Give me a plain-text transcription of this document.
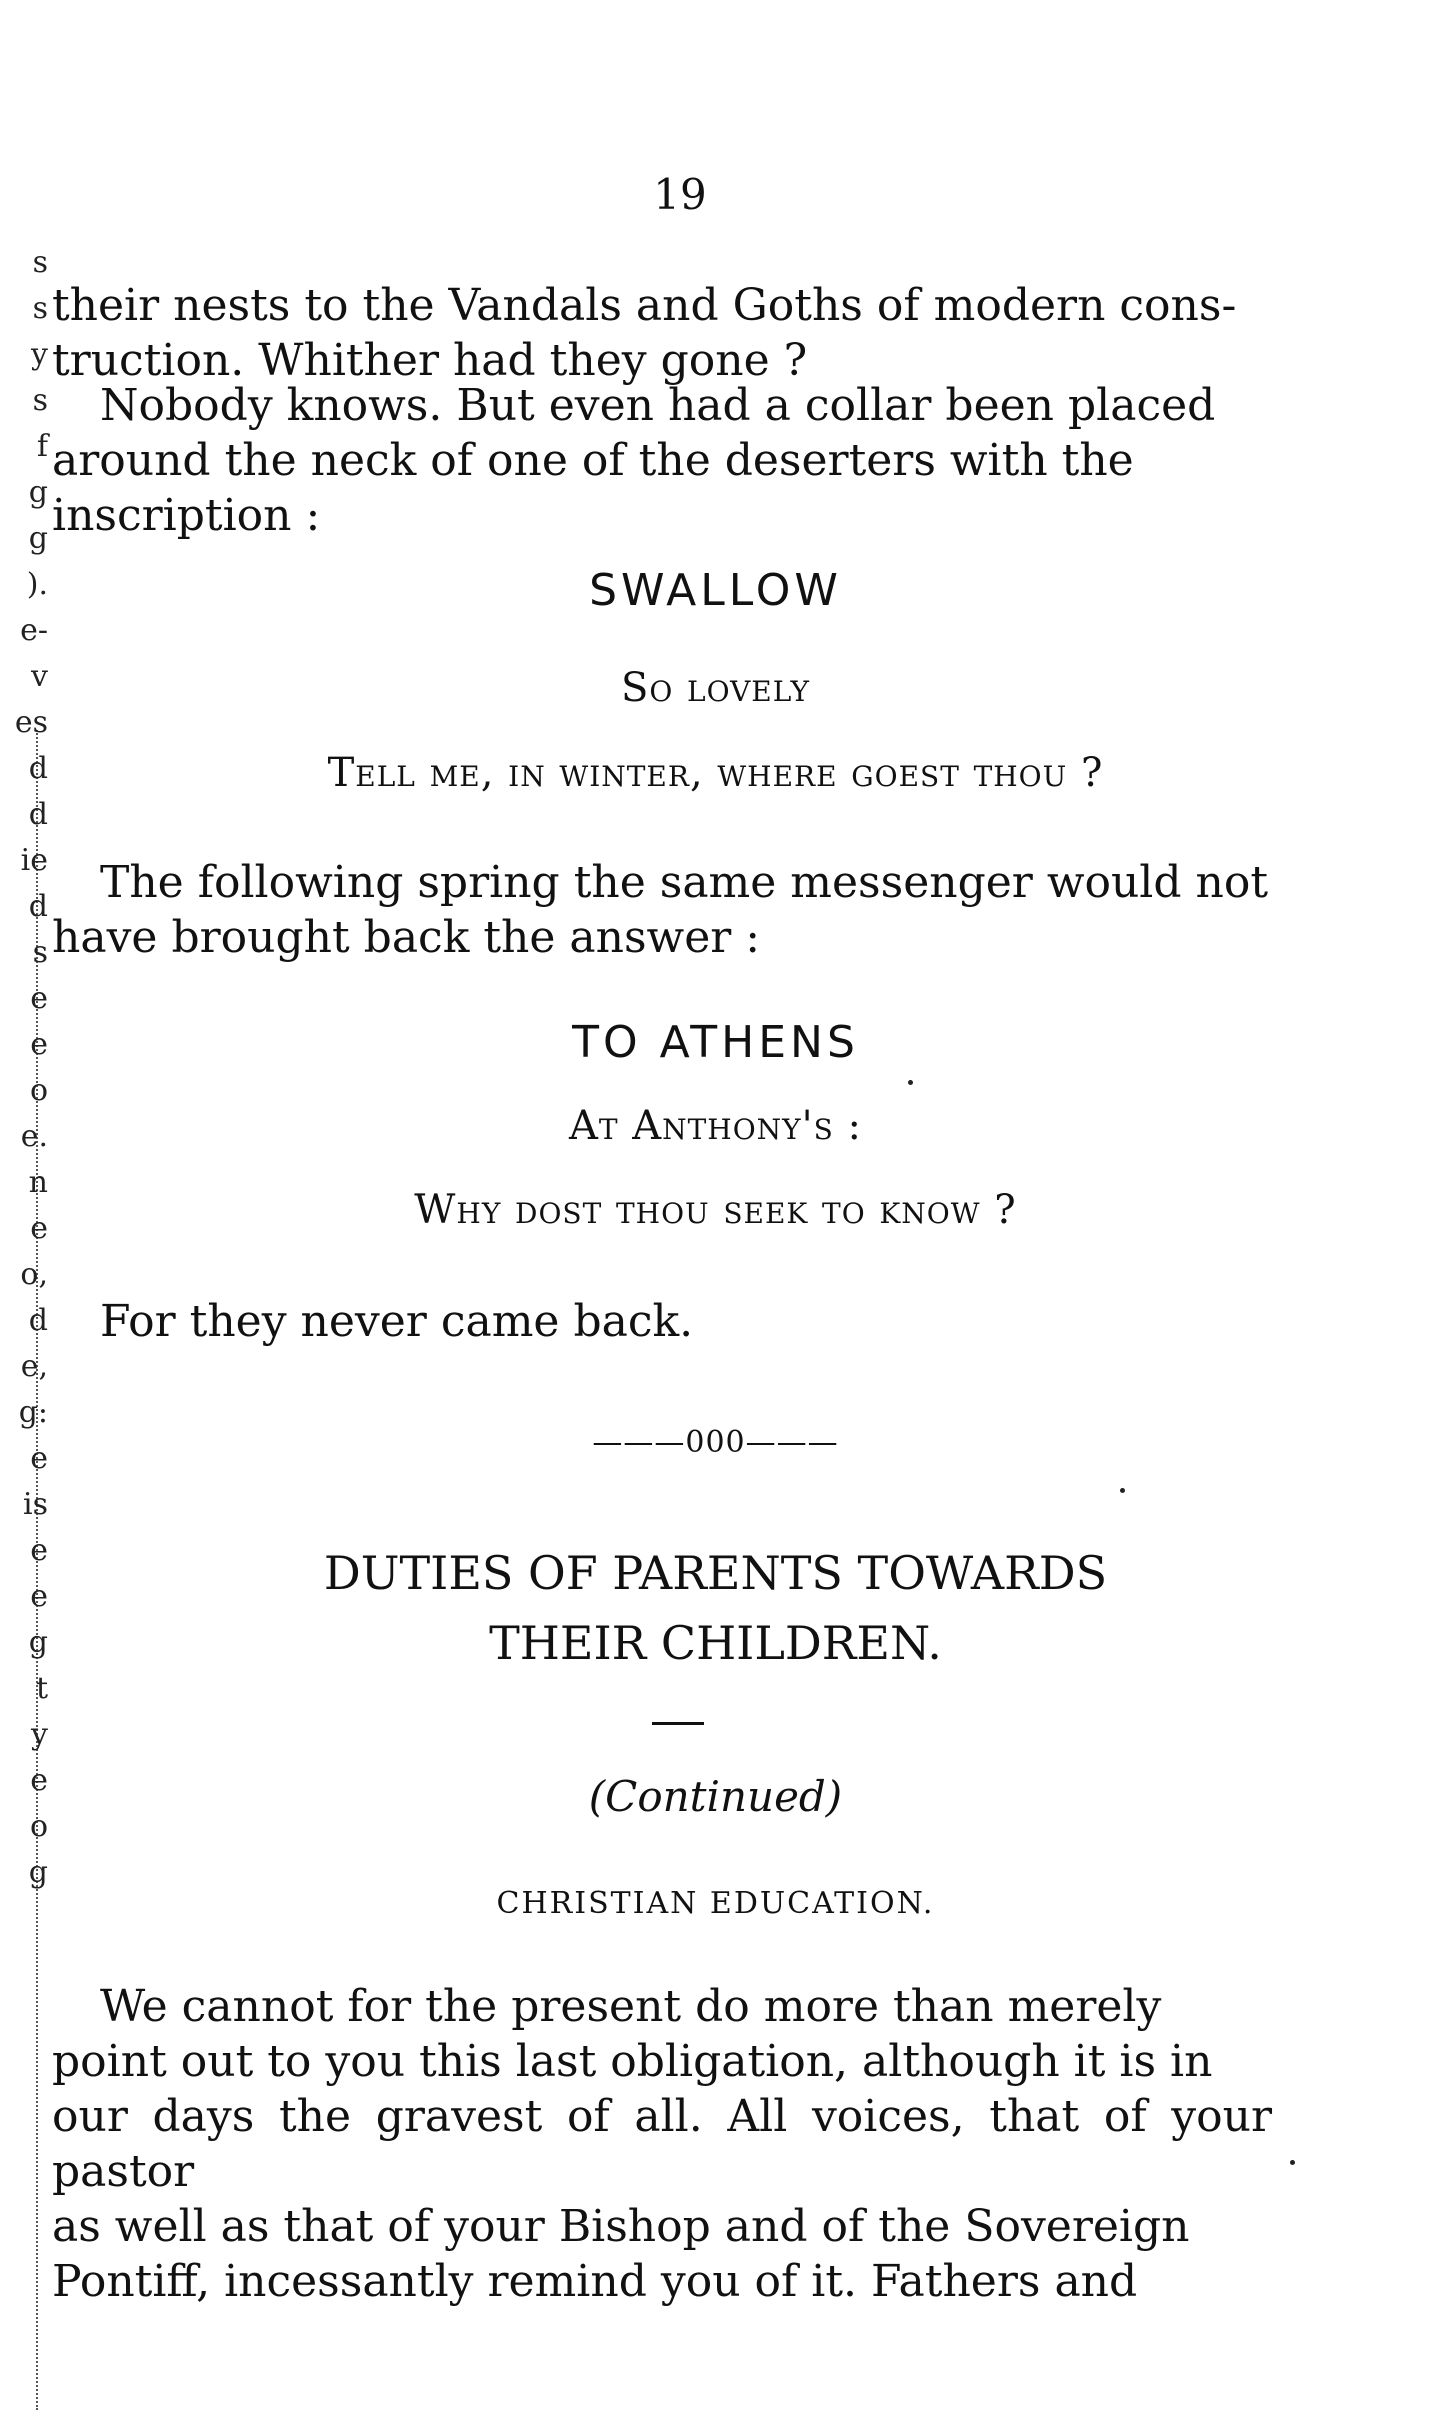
s
s
y
s
f
g
g
).
e-
v
es
d
d
ie
d
s
e
e
o
e.
n
e
o,
d
e,
g:
e
is
e
e
g
t
y
e
o
g
19
their nests to the Vandals and Goths of modern cons-
truction. Whither had they gone ?
Nobody knows. But even had a collar been placed
around the neck of one of the deserters with the
inscription :
SWALLOW
So lovely
Tell me, in winter, where goest thou ?
The following spring the same messenger would not
have brought back the answer :
TO ATHENS
At Anthony's :
Why dost thou seek to know ?
For they never came back.
———000———
DUTIES OF PARENTS TOWARDS
THEIR CHILDREN.
(Continued)
CHRISTIAN EDUCATION.
We cannot for the present do more than merely
point out to you this last obligation, although it is in
our days the gravest of all. All voices, that of your pastor
as well as that of your Bishop and of the Sovereign
Pontiff, incessantly remind you of it. Fathers and
